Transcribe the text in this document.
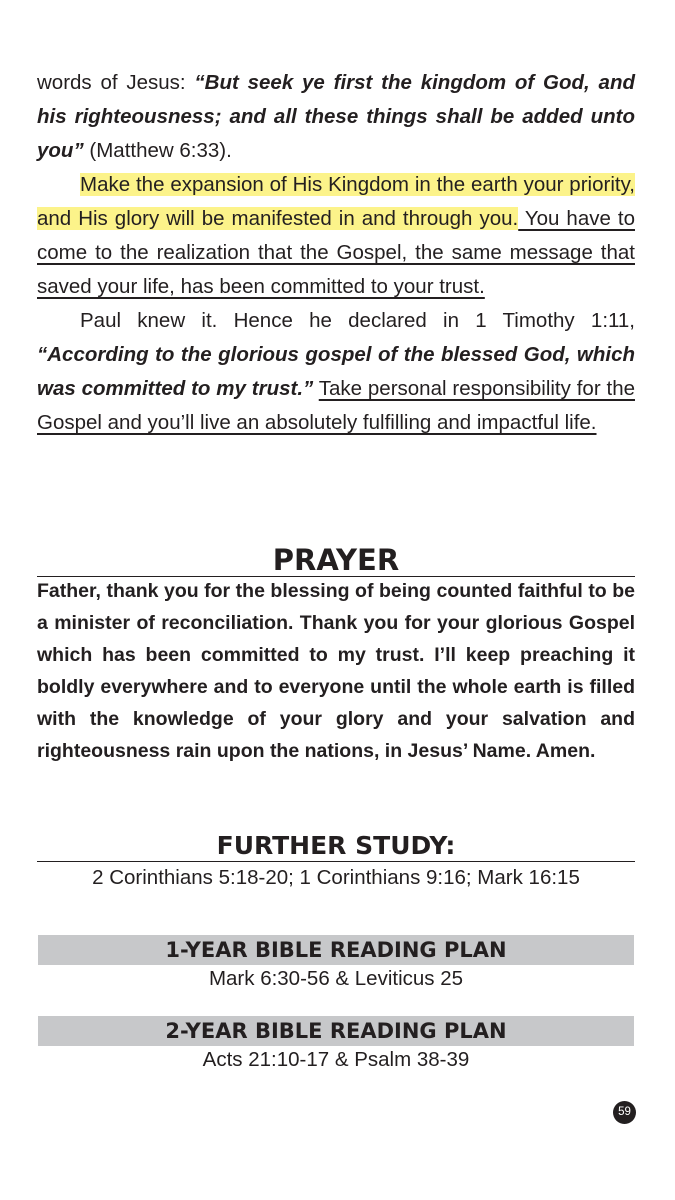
words of Jesus: “But seek ye first the kingdom of God, and his righteousness; and all these things shall be added unto you” (Matthew 6:33).

Make the expansion of His Kingdom in the earth your priority, and His glory will be manifested in and through you. You have to come to the realization that the Gospel, the same message that saved your life, has been committed to your trust.

Paul knew it. Hence he declared in 1 Timothy 1:11, “According to the glorious gospel of the blessed God, which was committed to my trust.” Take personal responsibility for the Gospel and you’ll live an absolutely fulfilling and impactful life.

PRAYER

Father, thank you for the blessing of being counted faithful to be a minister of reconciliation. Thank you for your glorious Gospel which has been committed to my trust. I’ll keep preaching it boldly everywhere and to everyone until the whole earth is filled with the knowledge of your glory and your salvation and righteousness rain upon the nations, in Jesus’ Name. Amen.

FURTHER STUDY:
2 Corinthians 5:18-20; 1 Corinthians 9:16; Mark 16:15
1-YEAR BIBLE READING PLAN
Mark 6:30-56 & Leviticus 25
2-YEAR BIBLE READING PLAN
Acts 21:10-17 & Psalm 38-39
59
